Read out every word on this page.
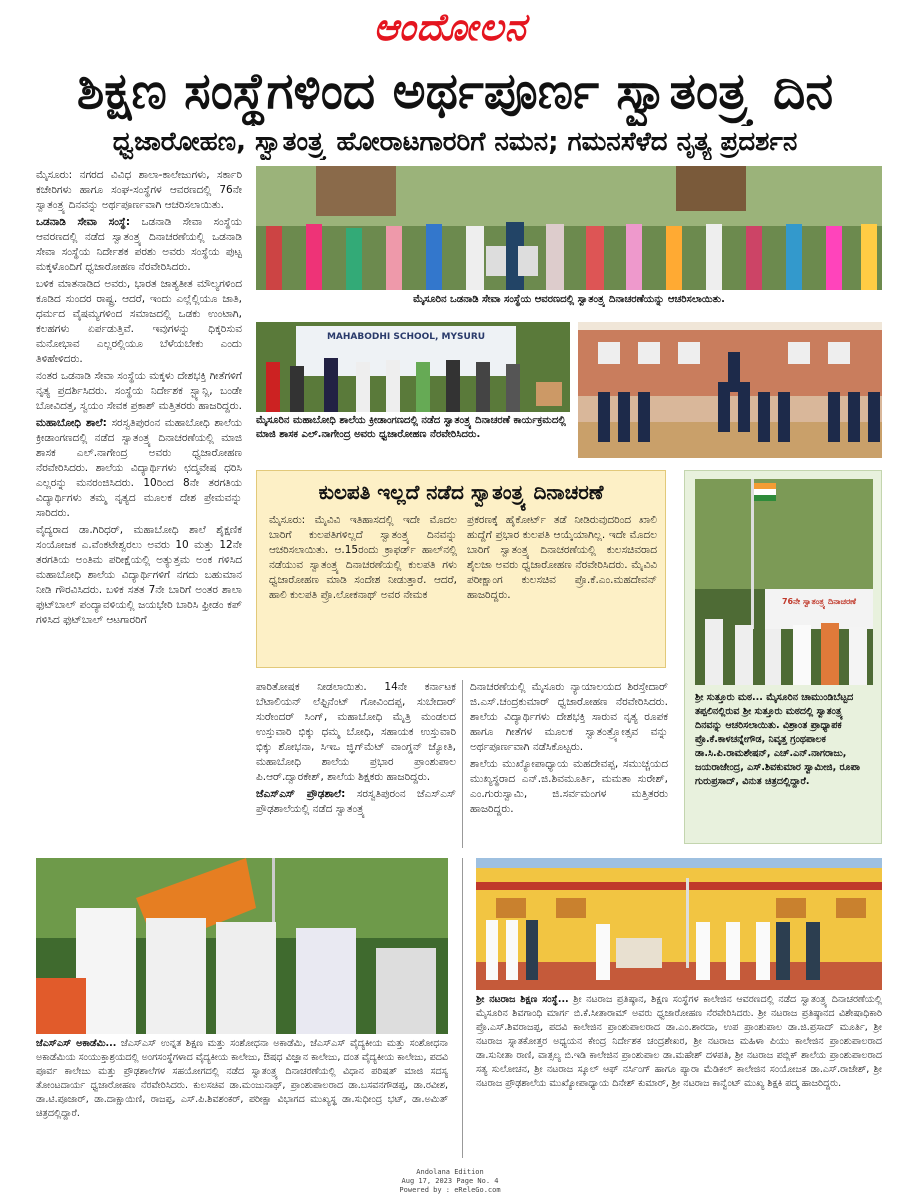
ಆಂದೋಲನ
ಶಿಕ್ಷಣ ಸಂಸ್ಥೆಗಳಿಂದ ಅರ್ಥಪೂರ್ಣ ಸ್ವಾತಂತ್ರ್ಯ ದಿನ
ಧ್ವಜಾರೋಹಣ, ಸ್ವಾತಂತ್ರ್ಯ ಹೋರಾಟಗಾರರಿಗೆ ನಮನ; ಗಮನಸೆಳೆದ ನೃತ್ಯ ಪ್ರದರ್ಶನ

ಮೈಸೂರು: ನಗರದ ವಿವಿಧ ಶಾಲಾ-ಕಾಲೇಜುಗಳು, ಸರ್ಕಾರಿ ಕಚೇರಿಗಳು ಹಾಗೂ ಸಂಘ-ಸಂಸ್ಥೆಗಳ ಆವರಣದಲ್ಲಿ 76ನೇ ಸ್ವಾತಂತ್ರ್ಯ ದಿನವನ್ನು ಅರ್ಥಪೂರ್ಣವಾಗಿ ಆಚರಿಸಲಾಯಿತು.

ಒಡನಾಡಿ ಸೇವಾ ಸಂಸ್ಥೆ: ಒಡನಾಡಿ ಸೇವಾ ಸಂಸ್ಥೆಯ ಆವರಣದಲ್ಲಿ ನಡೆದ ಸ್ವಾತಂತ್ರ್ಯ ದಿನಾಚರಣೆಯಲ್ಲಿ ಒಡನಾಡಿ ಸೇವಾ ಸಂಸ್ಥೆಯ ನಿರ್ದೇಶಕ ಪರಶು ಅವರು ಸಂಸ್ಥೆಯ ಪುಟ್ಟ ಮಕ್ಕಳೊಂದಿಗೆ ಧ್ವಜಾರೋಹಣ ನೆರವೇರಿಸಿದರು.

ಬಳಿಕ ಮಾತನಾಡಿದ ಅವರು, ಭಾರತ ಜಾತ್ಯತೀತ ಮೌಲ್ಯಗಳಿಂದ ಕೂಡಿದ ಸುಂದರ ರಾಷ್ಟ್ರ. ಆದರೆ, ಇಂದು ಎಲ್ಲೆಲ್ಲಿಯೂ ಜಾತಿ, ಧರ್ಮದ ವೈಷಮ್ಯಗಳಿಂದ ಸಮಾಜದಲ್ಲಿ ಒಡಕು ಉಂಟಾಗಿ, ಕಲಹಗಳು ಏರ್ಪಡುತ್ತಿವೆ. ಇವುಗಳನ್ನು ಧಿಕ್ಕರಿಸುವ ಮನೋಭಾವ ಎಲ್ಲರಲ್ಲಿಯೂ ಬೆಳೆಯಬೇಕು ಎಂದು ತಿಳಿಹೇಳಿದರು.

ನಂತರ ಒಡನಾಡಿ ಸೇವಾ ಸಂಸ್ಥೆಯ ಮಕ್ಕಳು ದೇಶಭಕ್ತಿ ಗೀತೆಗಳಿಗೆ ನೃತ್ಯ ಪ್ರದರ್ಶಿಸಿದರು. ಸಂಸ್ಥೆಯ ನಿರ್ದೇಶಕ ಸ್ಟ್ಯಾನ್ಲಿ, ಬಂಡೇ ಬೋವಿದತ್ತ, ಸ್ವಯಂ ಸೇವಕ ಪ್ರಕಾಶ್ ಮತ್ತಿತರರು ಹಾಜರಿದ್ದರು.

ಮಹಾಬೋಧಿ ಶಾಲೆ: ಸರಸ್ವತಿಪುರಂನ ಮಹಾಬೋಧಿ ಶಾಲೆಯ ಕ್ರೀಡಾಂಗಣದಲ್ಲಿ ನಡೆದ ಸ್ವಾತಂತ್ರ್ಯ ದಿನಾಚರಣೆಯಲ್ಲಿ ಮಾಜಿ ಶಾಸಕ ಎಲ್.ನಾಗೇಂದ್ರ ಅವರು ಧ್ವಜಾರೋಹಣ ನೆರವೇರಿಸಿದರು. ಶಾಲೆಯ ವಿದ್ಯಾರ್ಥಿಗಳು ಛದ್ಮವೇಷ ಧರಿಸಿ ಎಲ್ಲರನ್ನು ಮನರಂಜಿಸಿದರು. 10ರಿಂದ 8ನೇ ತರಗತಿಯ ವಿದ್ಯಾರ್ಥಿಗಳು ತಮ್ಮ ನೃತ್ಯದ ಮೂಲಕ ದೇಶ ಪ್ರೇಮವನ್ನು ಸಾರಿದರು.

ವೈದ್ಯರಾದ ಡಾ.ಗಿರಿಧರ್, ಮಹಾಬೋಧಿ ಶಾಲೆ ಶೈಕ್ಷಣಿಕ ಸಂಯೋಜಕ ಎ.ವೆಂಕಟೇಶ್ವರಲು ಅವರು 10 ಮತ್ತು 12ನೇ ತರಗತಿಯ ಅಂತಿಮ ಪರೀಕ್ಷೆಯಲ್ಲಿ ಅತ್ಯುತ್ತಮ ಅಂಕ ಗಳಿಸಿದ ಮಹಾಬೋಧಿ ಶಾಲೆಯ ವಿದ್ಯಾರ್ಥಿಗಳಿಗೆ ನಗದು ಬಹುಮಾನ ನೀಡಿ ಗೌರವಿಸಿದರು. ಬಳಿಕ ಸತತ 7ನೇ ಬಾರಿಗೆ ಅಂತರ ಶಾಲಾ ಫುಟ್‌ಬಾಲ್ ಪಂದ್ಯಾವಳಿಯಲ್ಲಿ ಜಯಭೇರಿ ಬಾರಿಸಿ ಫ್ರೀಡಂ ಕಪ್ ಗಳಿಸಿದ ಫುಟ್‌ಬಾಲ್ ಆಟಗಾರರಿಗೆ

ಮೈಸೂರಿನ ಒಡನಾಡಿ ಸೇವಾ ಸಂಸ್ಥೆಯ ಆವರಣದಲ್ಲಿ ಸ್ವಾತಂತ್ರ್ಯ ದಿನಾಚರಣೆಯನ್ನು ಆಚರಿಸಲಾಯಿತು.
MAHABODHI SCHOOL, MYSURU
ಮೈಸೂರಿನ ಮಹಾಬೋಧಿ ಶಾಲೆಯ ಕ್ರೀಡಾಂಗಣದಲ್ಲಿ ನಡೆದ ಸ್ವಾತಂತ್ರ್ಯ ದಿನಾಚರಣೆ ಕಾರ್ಯಕ್ರಮದಲ್ಲಿ ಮಾಜಿ ಶಾಸಕ ಎಲ್.ನಾಗೇಂದ್ರ ಅವರು ಧ್ವಜಾರೋಹಣ ನೆರವೇರಿಸಿದರು.
ಕುಲಪತಿ ಇಲ್ಲದೆ ನಡೆದ ಸ್ವಾತಂತ್ರ್ಯ ದಿನಾಚರಣೆ
ಮೈಸೂರು: ಮೈವಿವಿ ಇತಿಹಾಸದಲ್ಲಿ ಇದೇ ಮೊದಲ ಬಾರಿಗೆ ಕುಲಪತಿಗಳಿಲ್ಲದೆ ಸ್ವಾತಂತ್ರ್ಯ ದಿನವನ್ನು ಆಚರಿಸಲಾಯಿತು. ಆ.15ರಂದು ಕ್ರಾಫರ್ಡ್ ಹಾಲ್‌ನಲ್ಲಿ ನಡೆಯುವ ಸ್ವಾತಂತ್ರ್ಯ ದಿನಾಚರಣೆಯಲ್ಲಿ ಕುಲಪತಿ ಗಳು ಧ್ವಜಾರೋಹಣ ಮಾಡಿ ಸಂದೇಶ ನೀಡುತ್ತಾರೆ. ಆದರೆ, ಹಾಲಿ ಕುಲಪತಿ ಪ್ರೊ.ಲೋಕನಾಥ್ ಅವರ ನೇಮಕ
ಪ್ರಕರಣಕ್ಕೆ ಹೈಕೋರ್ಟ್ ತಡೆ ನೀಡಿರುವುದರಿಂದ ಖಾಲಿ ಹುದ್ದೆಗೆ ಪ್ರಭಾರ ಕುಲಪತಿ ಆಯ್ಕೆಯಾಗಿಲ್ಲ. ಇದೇ ಮೊದಲ ಬಾರಿಗೆ ಸ್ವಾತಂತ್ರ್ಯ ದಿನಾಚರಣೆಯಲ್ಲಿ ಕುಲಸಚಿವರಾದ ಶೈಲಜಾ ಅವರು ಧ್ವಜಾರೋಹಣ ನೆರವೇರಿಸಿದರು. ಮೈವಿವಿ ಪರೀಕ್ಷಾಂಗ ಕುಲಸಚಿವ ಪ್ರೊ.ಕೆ.ಎಂ.ಮಹದೇವನ್ ಹಾಜರಿದ್ದರು.
76ನೇ ಸ್ವಾತಂತ್ರ್ಯ ದಿನಾಚರಣೆ
ಶ್ರೀ ಸುತ್ತೂರು ಮಠ... ಮೈಸೂರಿನ ಚಾಮುಂಡಿಬೆಟ್ಟದ ತಪ್ಪಲಿನಲ್ಲಿರುವ ಶ್ರೀ ಸುತ್ತೂರು ಮಠದಲ್ಲಿ ಸ್ವಾತಂತ್ರ್ಯ ದಿನವನ್ನು ಆಚರಿಸಲಾಯಿತು. ವಿಶ್ರಾಂತ ಪ್ರಾಧ್ಯಾಪಕ ಪ್ರೊ.ಕೆ.ಕಾಳಚನ್ನೇಗೌಡ, ನಿವೃತ್ತ ಗ್ರಂಥಪಾಲಕ ಡಾ.ಸಿ.ಪಿ.ರಾಮಶೇಷನ್, ಎಚ್.ಎನ್.ನಾಗರಾಜು, ಜಯರಾಜೇಂದ್ರ, ಎಸ್.ಶಿವಕುಮಾರ ಸ್ವಾಮೀಜಿ, ರೂಪಾ ಗುರುಪ್ರಸಾದ್, ವಿನುತ ಚಿತ್ರದಲ್ಲಿದ್ದಾರೆ.

ಪಾರಿತೋಷಕ ನೀಡಲಾಯಿತು. 14ನೇ ಕರ್ನಾಟಕ ಬೆಟಾಲಿಯನ್ ಲೆಫ್ಟಿನೆಂಟ್ ಗೋವಿಂದಪ್ಪ, ಸುಬೇದಾರ್ ಸುರೇಂದರ್ ಸಿಂಗ್, ಮಹಾಬೋಧಿ ಮೈತ್ರಿ ಮಂಡಲದ ಉಸ್ತುವಾರಿ ಭಿಕ್ಕು ಧಮ್ಮ ಬೋಧಿ, ಸಹಾಯಕ ಉಸ್ತುವಾರಿ ಭಿಕ್ಕು ಶೋಭನಾ, ಸಿಇಒ ಜ್ಞಿಗ್‌ಮೆಟ್ ವಾಂಗ್ಡನ್ ಜ್ಯೋತಿ, ಮಹಾಬೋಧಿ ಶಾಲೆಯ ಪ್ರಭಾರ ಪ್ರಾಂಶುಪಾಲ ಪಿ.ಆರ್.ದ್ವಾರಕೇಶ್, ಶಾಲೆಯ ಶಿಕ್ಷಕರು ಹಾಜರಿದ್ದರು.

ಜೆಎಸ್‌ಎಸ್ ಪ್ರೌಢಶಾಲೆ: ಸರಸ್ವತಿಪುರಂನ ಜೆಎಸ್‌ಎಸ್ ಪ್ರೌಢಶಾಲೆಯಲ್ಲಿ ನಡೆದ ಸ್ವಾತಂತ್ರ್ಯ

ದಿನಾಚರಣೆಯಲ್ಲಿ ಮೈಸೂರು ನ್ಯಾಯಾಲಯದ ಶಿರಸ್ತೇದಾರ್ ಜಿ.ಎಸ್.ಚಂದ್ರಕುಮಾರ್ ಧ್ವಜಾರೋಹಣ ನೆರವೇರಿಸಿದರು. ಶಾಲೆಯ ವಿದ್ಯಾರ್ಥಿಗಳು ದೇಶಭಕ್ತಿ ಸಾರುವ ನೃತ್ಯ ರೂಪಕ ಹಾಗೂ ಗೀತೆಗಳ ಮೂಲಕ ಸ್ವಾತಂತ್ರ್ಯೋತ್ಸವ ವನ್ನು ಅರ್ಥಪೂರ್ಣವಾಗಿ ನಡೆಸಿಕೊಟ್ಟರು.

ಶಾಲೆಯ ಮುಖ್ಯೋಪಾಧ್ಯಾಯ ಮಹದೇವಪ್ಪ, ಸಮುಚ್ಚಯದ ಮುಖ್ಯಸ್ಥರಾದ ಎನ್.ಜಿ.ಶಿವಮೂರ್ತಿ, ಮಮತಾ ಸುರೇಶ್, ಎಂ.ಗುರುಸ್ವಾಮಿ, ಜಿ.ಸರ್ವಮಂಗಳ ಮತ್ತಿತರರು ಹಾಜರಿದ್ದರು.

ಜೆಎಸ್‌ಎಸ್ ಅಕಾಡೆಮಿ... ಜೆಎಸ್‌ಎಸ್ ಉನ್ನತ ಶಿಕ್ಷಣ ಮತ್ತು ಸಂಶೋಧನಾ ಅಕಾಡೆಮಿ, ಜೆಎಸ್‌ಎಸ್ ವೈದ್ಯಕೀಯ ಮತ್ತು ಸಂಶೋಧನಾ ಅಕಾಡೆಮಿಯ ಸಂಯುಕ್ತಾಶ್ರಯದಲ್ಲಿ ಅಂಗಸಂಸ್ಥೆಗಳಾದ ವೈದ್ಯಕೀಯ ಕಾಲೇಜು, ಔಷಧ ವಿಜ್ಞಾನ ಕಾಲೇಜು, ದಂತ ವೈದ್ಯಕೀಯ ಕಾಲೇಜು, ಪದವಿ ಪೂರ್ವ ಕಾಲೇಜು ಮತ್ತು ಪ್ರೌಢಶಾಲೆಗಳ ಸಹಯೋಗದಲ್ಲಿ ನಡೆದ ಸ್ವಾತಂತ್ರ್ಯ ದಿನಾಚರಣೆಯಲ್ಲಿ ವಿಧಾನ ಪರಿಷತ್ ಮಾಜಿ ಸದಸ್ಯ ತೋಂಟದಾರ್ಯ ಧ್ವಜಾರೋಹಣ ನೆರವೇರಿಸಿದರು. ಕುಲಸಚಿವ ಡಾ.ಮಂಜುನಾಥ್, ಪ್ರಾಂಶುಪಾಲರಾದ ಡಾ.ಬಸವನಗೌಡಪ್ಪ, ಡಾ.ರವೀಶ, ಡಾ.ಟಿ.ಪೂಜಾರ್, ಡಾ.ದಾಕ್ಷಾಯಿಣಿ, ರಾಜಪ್ಪ, ಎಸ್.ಪಿ.ಶಿವಶಂಕರ್, ಪರೀಕ್ಷಾ ವಿಭಾಗದ ಮುಖ್ಯಸ್ಥ ಡಾ.ಸುಧೀಂದ್ರ ಭಟ್, ಡಾ.ಅಮಿತ್ ಚಿತ್ರದಲ್ಲಿದ್ದಾರೆ.
ಶ್ರೀ ನಟರಾಜ ಶಿಕ್ಷಣ ಸಂಸ್ಥೆ... ಶ್ರೀ ನಟರಾಜ ಪ್ರತಿಷ್ಠಾನ, ಶಿಕ್ಷಣ ಸಂಸ್ಥೆಗಳ ಕಾಲೇಜಿನ ಆವರಣದಲ್ಲಿ ನಡೆದ ಸ್ವಾತಂತ್ರ್ಯ ದಿನಾಚರಣೆಯಲ್ಲಿ ಮೈಸೂರಿನ ಶಿವಗಾಂಧಿ ಮಾರ್ಗ ಬಿ.ಕೆ.ಸೀತಾರಾಮ್ ಅವರು ಧ್ವಜಾರೋಹಣ ನೆರವೇರಿಸಿದರು. ಶ್ರೀ ನಟರಾಜ ಪ್ರತಿಷ್ಠಾನದ ವಿಶೇಷಾಧಿಕಾರಿ ಪ್ರೊ.ಎಸ್.ಶಿವರಾಜಪ್ಪ, ಪದವಿ ಕಾಲೇಜಿನ ಪ್ರಾಂಶುಪಾಲರಾದ ಡಾ.ಎಂ.ಶಾರದಾ, ಉಪ ಪ್ರಾಂಶುಪಾಲ ಡಾ.ಜಿ.ಪ್ರಸಾದ್ ಮೂರ್ತಿ, ಶ್ರೀ ನಟರಾಜ ಸ್ನಾತಕೋತ್ತರ ಅಧ್ಯಯನ ಕೇಂದ್ರ ನಿರ್ದೇಶಕ ಚಂದ್ರಶೇಖರ, ಶ್ರೀ ನಟರಾಜ ಮಹಿಳಾ ಪಿಯು ಕಾಲೇಜಿನ ಪ್ರಾಂಶುಪಾಲರಾದ ಡಾ.ಸುನೀತಾ ರಾಣಿ, ವಾತ್ಸಲ್ಯ ಬಿ.ಇಡಿ ಕಾಲೇಜಿನ ಪ್ರಾಂಶುಪಾಲ ಡಾ.ಮಹೇಶ್ ದಳಪತಿ, ಶ್ರೀ ನಟರಾಜ ಪಬ್ಲಿಕ್ ಶಾಲೆಯ ಪ್ರಾಂಶುಪಾಲರಾದ ಸತ್ಯ ಸುಲೋಚನ, ಶ್ರೀ ನಟರಾಜ ಸ್ಕೂಲ್ ಆಫ್ ನರ್ಸಿಂಗ್ ಹಾಗೂ ಪ್ಯಾರಾ ಮೆಡಿಕಲ್ ಕಾಲೇಜಿನ ಸಂಯೋಜಕ ಡಾ.ಎಸ್.ರಾಜೇಶ್, ಶ್ರೀ ನಟರಾಜ ಪ್ರೌಢಶಾಲೆಯ ಮುಖ್ಯೋಪಾಧ್ಯಾಯ ದಿನೇಶ್ ಕುಮಾರ್, ಶ್ರೀ ನಟರಾಜ ಕಾನ್ವೆಂಟ್ ಮುಖ್ಯ ಶಿಕ್ಷಕಿ ಪದ್ಮ ಹಾಜರಿದ್ದರು.
Andolana Edition
Aug 17, 2023 Page No. 4
Powered by : eReleGo.com
